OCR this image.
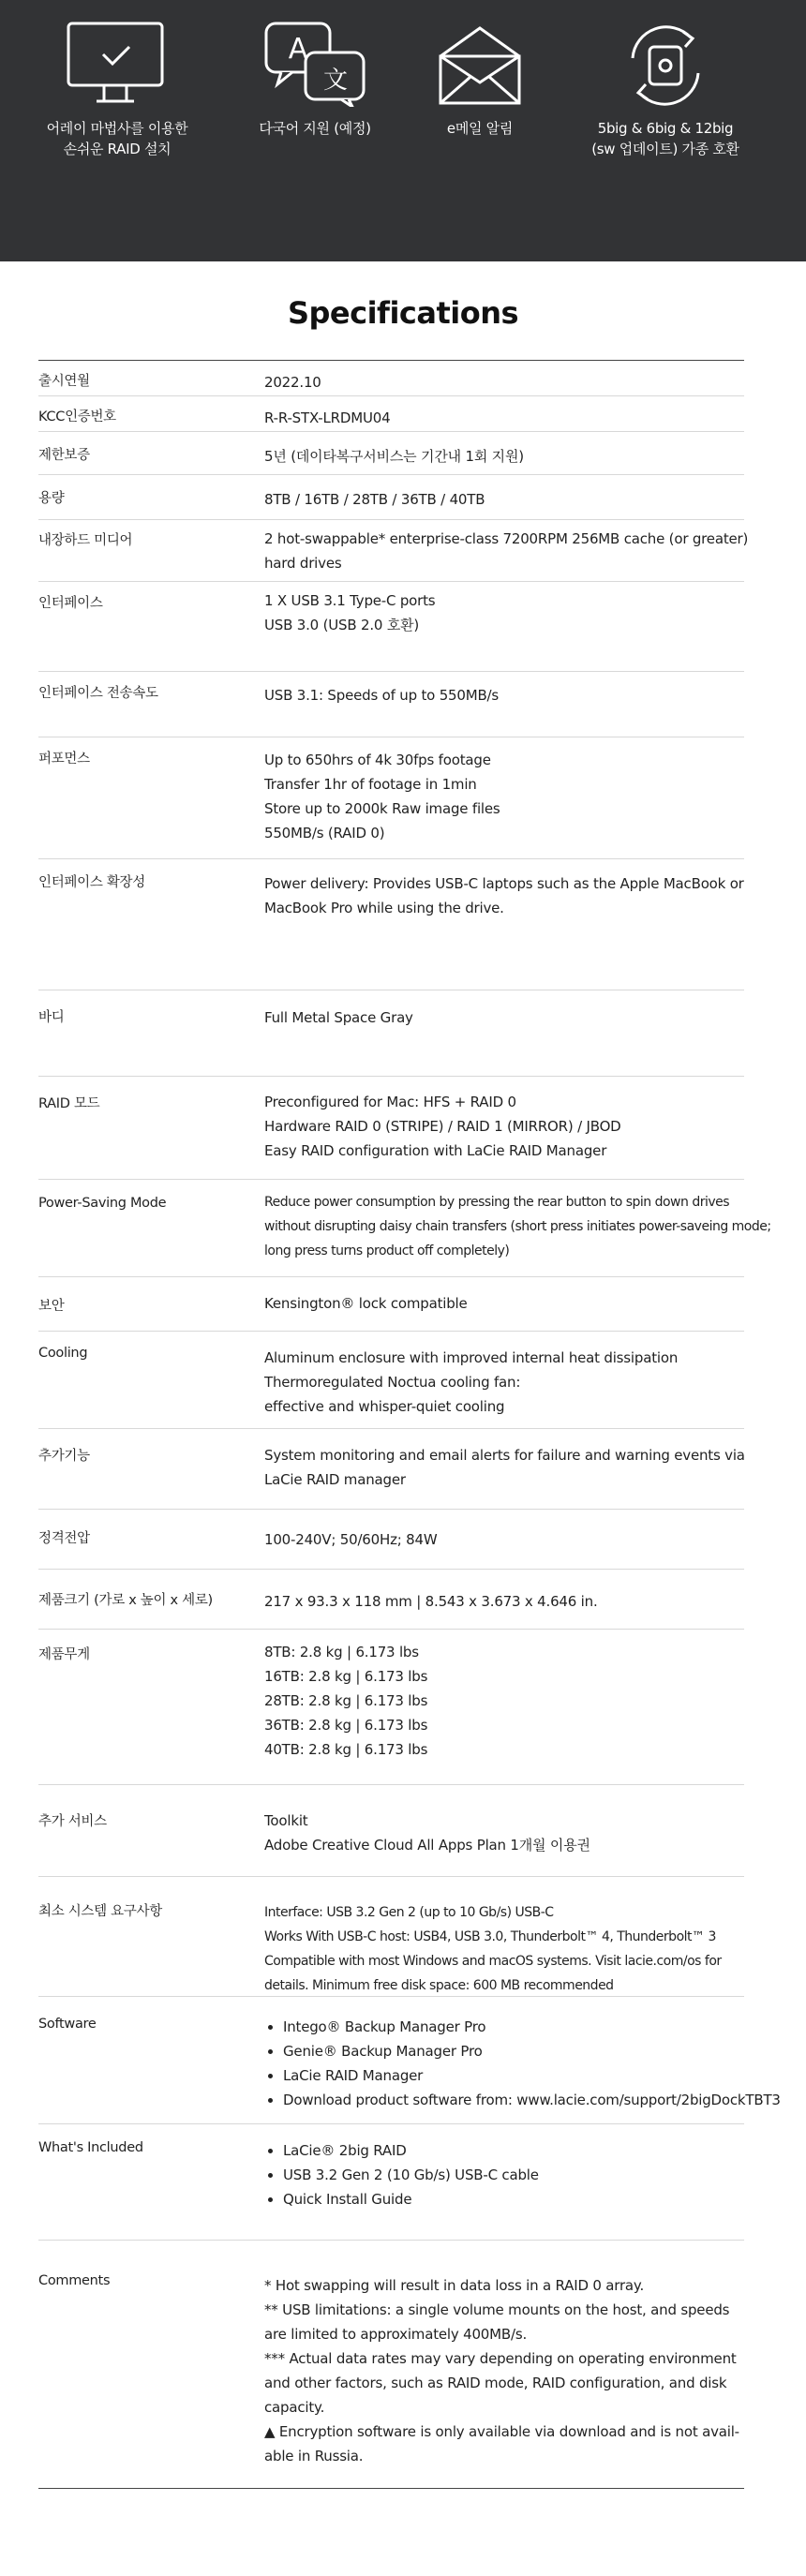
어레이 마법사를 이용한
손쉬운 RAID 설치
A
文
다국어 지원 (예정)	e메일 알림	5big & 6big & 12big
(sw 업데이트) 가종 호환
Specifications
출시연월	2022.10
KCC인증번호	R-R-STX-LRDMU04
제한보증	5년 (데이타복구서비스는 기간내 1회 지원)
용량	8TB / 16TB / 28TB / 36TB / 40TB
내장하드 미디어	2 hot-swappable* enterprise-class 7200RPM 256MB cache (or greater)
hard drives
인터페이스	1 X USB 3.1 Type-C ports
USB 3.0 (USB 2.0 호환)
인터페이스 전송속도	USB 3.1: Speeds of up to 550MB/s
퍼포먼스	Up to 650hrs of 4k 30fps footage
Transfer 1hr of footage in 1min
Store up to 2000k Raw image files
550MB/s (RAID 0)
인터페이스 확장성	Power delivery: Provides USB-C laptops such as the Apple MacBook or
MacBook Pro while using the drive.
바디	Full Metal Space Gray
RAID 모드	Preconfigured for Mac: HFS + RAID 0
Hardware RAID 0 (STRIPE) / RAID 1 (MIRROR) / JBOD
Easy RAID configuration with LaCie RAID Manager
Power-Saving Mode	Reduce power consumption by pressing the rear button to spin down drives
without disrupting daisy chain transfers (short press initiates power-saveing mode;
long press turns product off completely)
보안	Kensington® lock compatible
Cooling	Aluminum enclosure with improved internal heat dissipation
Thermoregulated Noctua cooling fan:
effective and whisper-quiet cooling
추가기능	System monitoring and email alerts for failure and warning events via
LaCie RAID manager
정격전압	100-240V; 50/60Hz; 84W
제품크기 (가로 x 높이 x 세로)	217 x 93.3 x 118 mm | 8.543 x 3.673 x 4.646 in.
제품무게	8TB: 2.8 kg | 6.173 lbs
16TB: 2.8 kg | 6.173 lbs
28TB: 2.8 kg | 6.173 lbs
36TB: 2.8 kg | 6.173 lbs
40TB: 2.8 kg | 6.173 lbs
추가 서비스	Toolkit
Adobe Creative Cloud All Apps Plan 1개월 이용권
최소 시스템 요구사항	Interface: USB 3.2 Gen 2 (up to 10 Gb/s) USB-C
Works With USB-C host: USB4, USB 3.0, Thunderbolt™ 4, Thunderbolt™ 3
Compatible with most Windows and macOS systems. Visit lacie.com/os for
details. Minimum free disk space: 600 MB recommended
Software	• Intego® Backup Manager Pro
• Genie® Backup Manager Pro
• LaCie RAID Manager
• Download product software from: www.lacie.com/support/2bigDockTBT3
What's Included	• LaCie® 2big RAID
• USB 3.2 Gen 2 (10 Gb/s) USB-C cable
• Quick Install Guide
Comments	* Hot swapping will result in data loss in a RAID 0 array.
** USB limitations: a single volume mounts on the host, and speeds
are limited to approximately 400MB/s.
*** Actual data rates may vary depending on operating environment
and other factors, such as RAID mode, RAID configuration, and disk
capacity.
▲ Encryption software is only available via download and is not avail-
able in Russia.
